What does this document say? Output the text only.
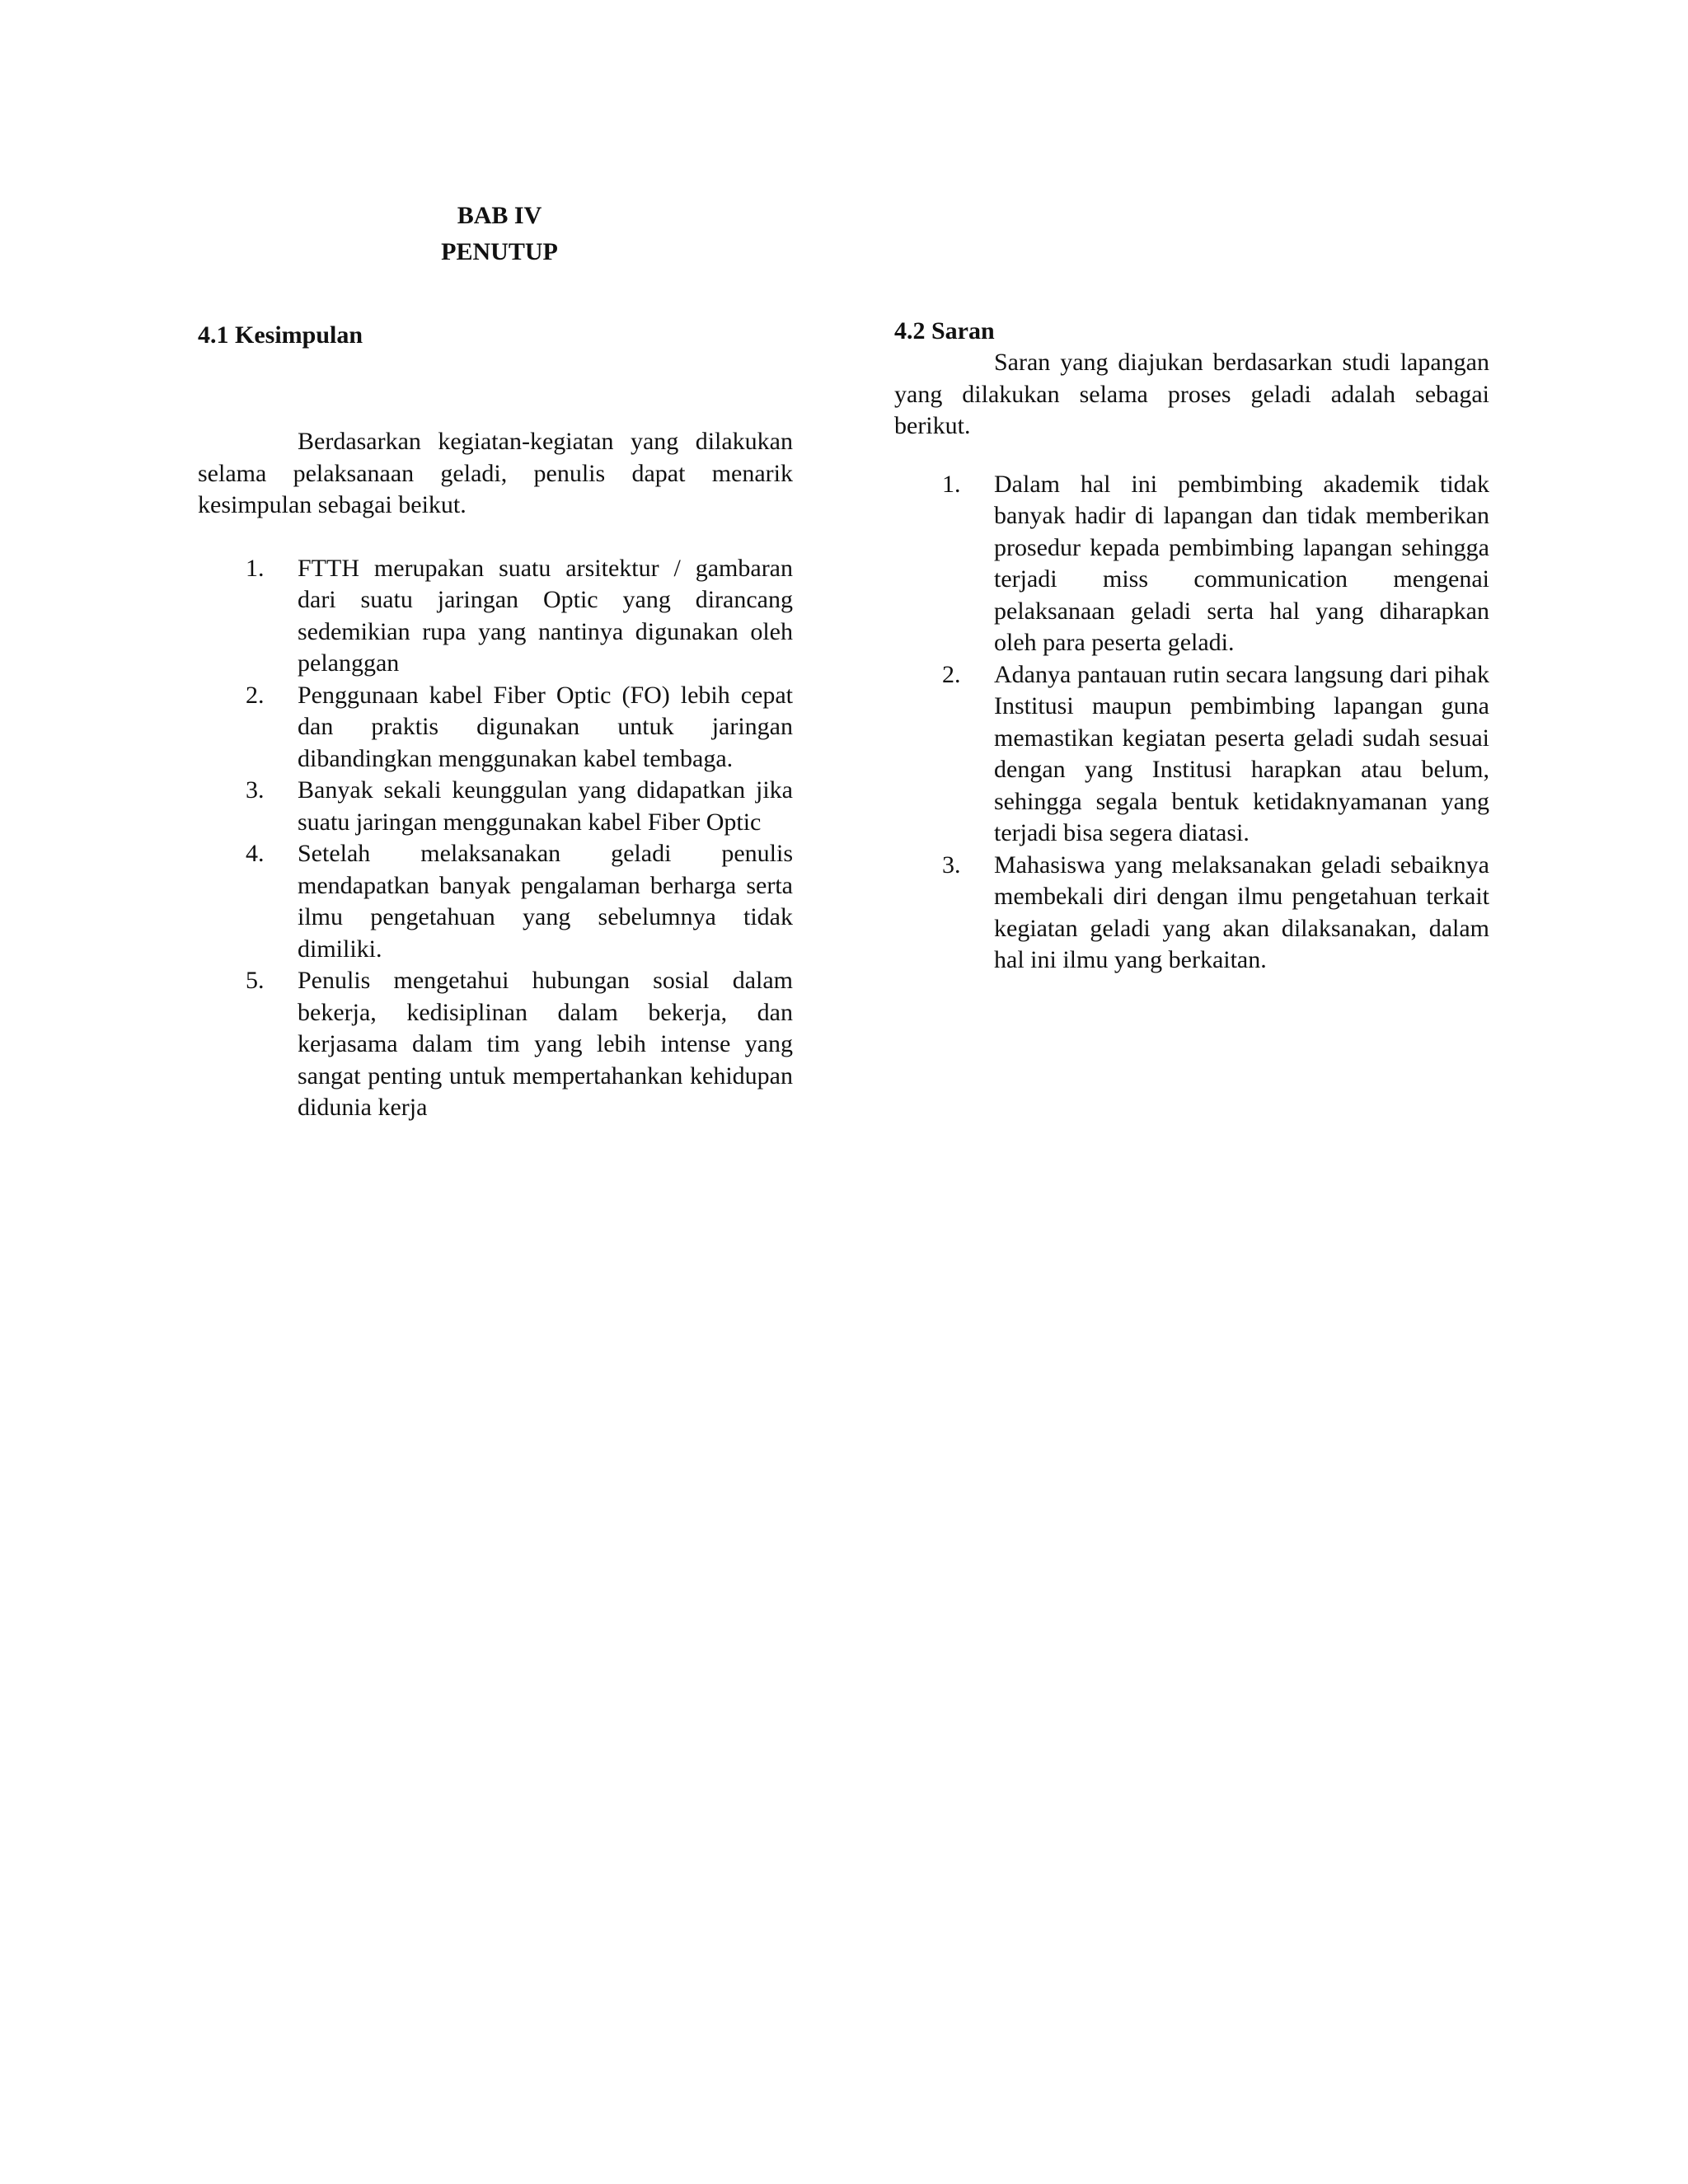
BAB IV
PENUTUP
4.1 Kesimpulan

Berdasarkan kegiatan-kegiatan yang dilakukan selama pelaksanaan geladi, penulis dapat menarik kesimpulan sebagai beikut.

1. FTTH merupakan suatu arsitektur / gambaran dari suatu jaringan Optic yang dirancang sedemikian rupa yang nantinya digunakan oleh pelanggan
2. Penggunaan kabel Fiber Optic (FO) lebih cepat dan praktis digunakan untuk jaringan dibandingkan menggunakan kabel tembaga.
3. Banyak sekali keunggulan yang didapatkan jika suatu jaringan menggunakan kabel Fiber Optic
4. Setelah melaksanakan geladi penulis mendapatkan banyak pengalaman berharga serta ilmu pengetahuan yang sebelumnya tidak dimiliki.
5. Penulis mengetahui hubungan sosial dalam bekerja, kedisiplinan dalam bekerja, dan kerjasama dalam tim yang lebih intense yang sangat penting untuk mempertahankan kehidupan didunia kerja
4.2 Saran

Saran yang diajukan berdasarkan studi lapangan yang dilakukan selama proses geladi adalah sebagai berikut.

1. Dalam hal ini pembimbing akademik tidak banyak hadir di lapangan dan tidak memberikan prosedur kepada pembimbing lapangan sehingga terjadi miss communication mengenai pelaksanaan geladi serta hal yang diharapkan oleh para peserta geladi.
2. Adanya pantauan rutin secara langsung dari pihak Institusi maupun pembimbing lapangan guna memastikan kegiatan peserta geladi sudah sesuai dengan yang Institusi harapkan atau belum, sehingga segala bentuk ketidaknyamanan yang terjadi bisa segera diatasi.
3. Mahasiswa yang melaksanakan geladi sebaiknya membekali diri dengan ilmu pengetahuan terkait kegiatan geladi yang akan dilaksanakan, dalam hal ini ilmu yang berkaitan.
